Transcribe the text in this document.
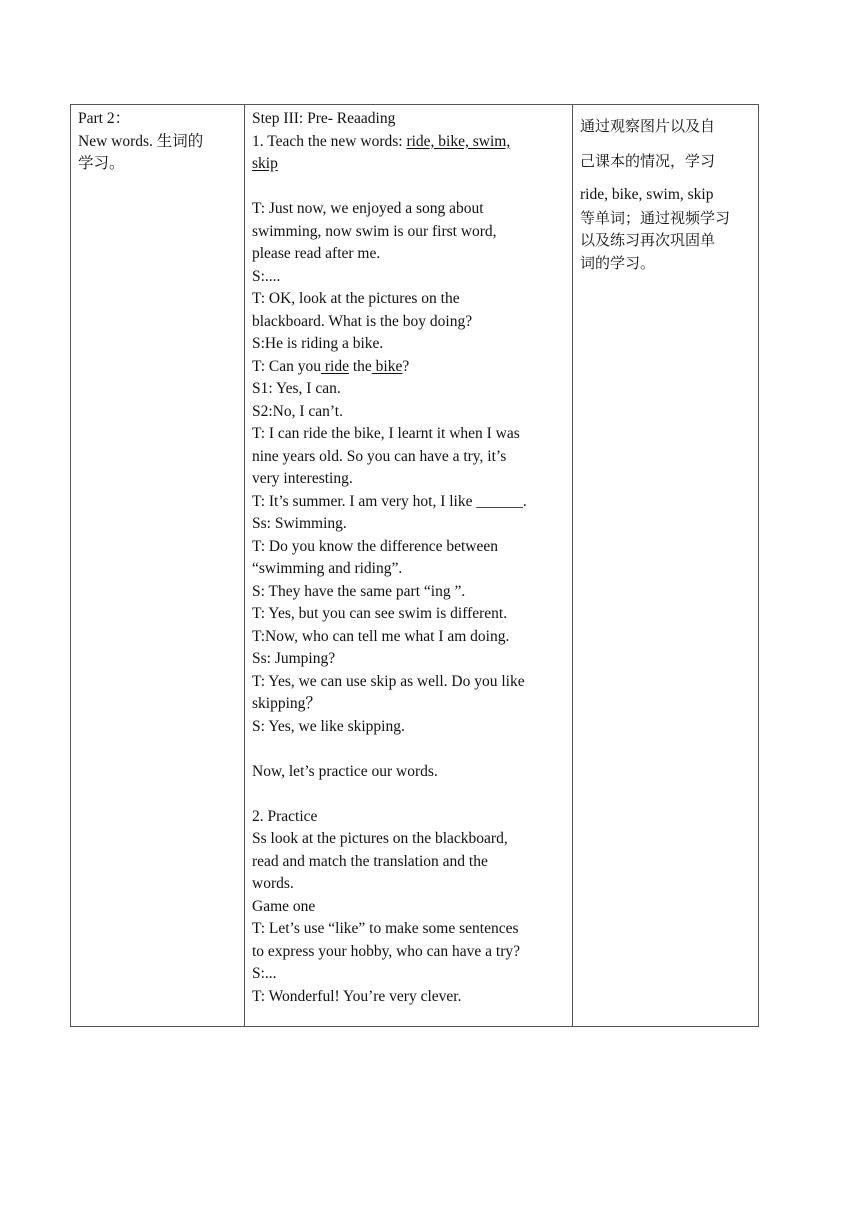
Part 2：

New words. 生词的

学习。

Step III: Pre- Reaading

1. Teach the new words: ride, bike, swim,

skip

T: Just now, we enjoyed a song about

swimming, now swim is our first word,

please read after me.

S:....

T: OK, look at the pictures on the

blackboard. What is the boy doing?

S:He is riding a bike.

T: Can you ride the bike?

S1: Yes, I can.

S2:No, I can’t.

T: I can ride the bike, I learnt it when I was

nine years old. So you can have a try, it’s

very interesting.

T: It’s summer. I am very hot, I like ______.

Ss: Swimming.

T: Do you know the difference between

“swimming and riding”.

S: They have the same part “ing ”.

T: Yes, but you can see swim is different.

T:Now, who can tell me what I am doing.

Ss: Jumping?

T: Yes, we can use skip as well. Do you like

skipping？

S: Yes, we like skipping.

Now, let’s practice our words.

2. Practice

Ss look at the pictures on the blackboard,

read and match the translation and the

words.

Game one

T: Let’s use “like” to make some sentences

to express your hobby, who can have a try?

S:...

T: Wonderful! You’re very clever.

通过观察图片以及自

己课本的情况，学习

ride, bike, swim, skip

等单词；通过视频学习

以及练习再次巩固单

词的学习。
